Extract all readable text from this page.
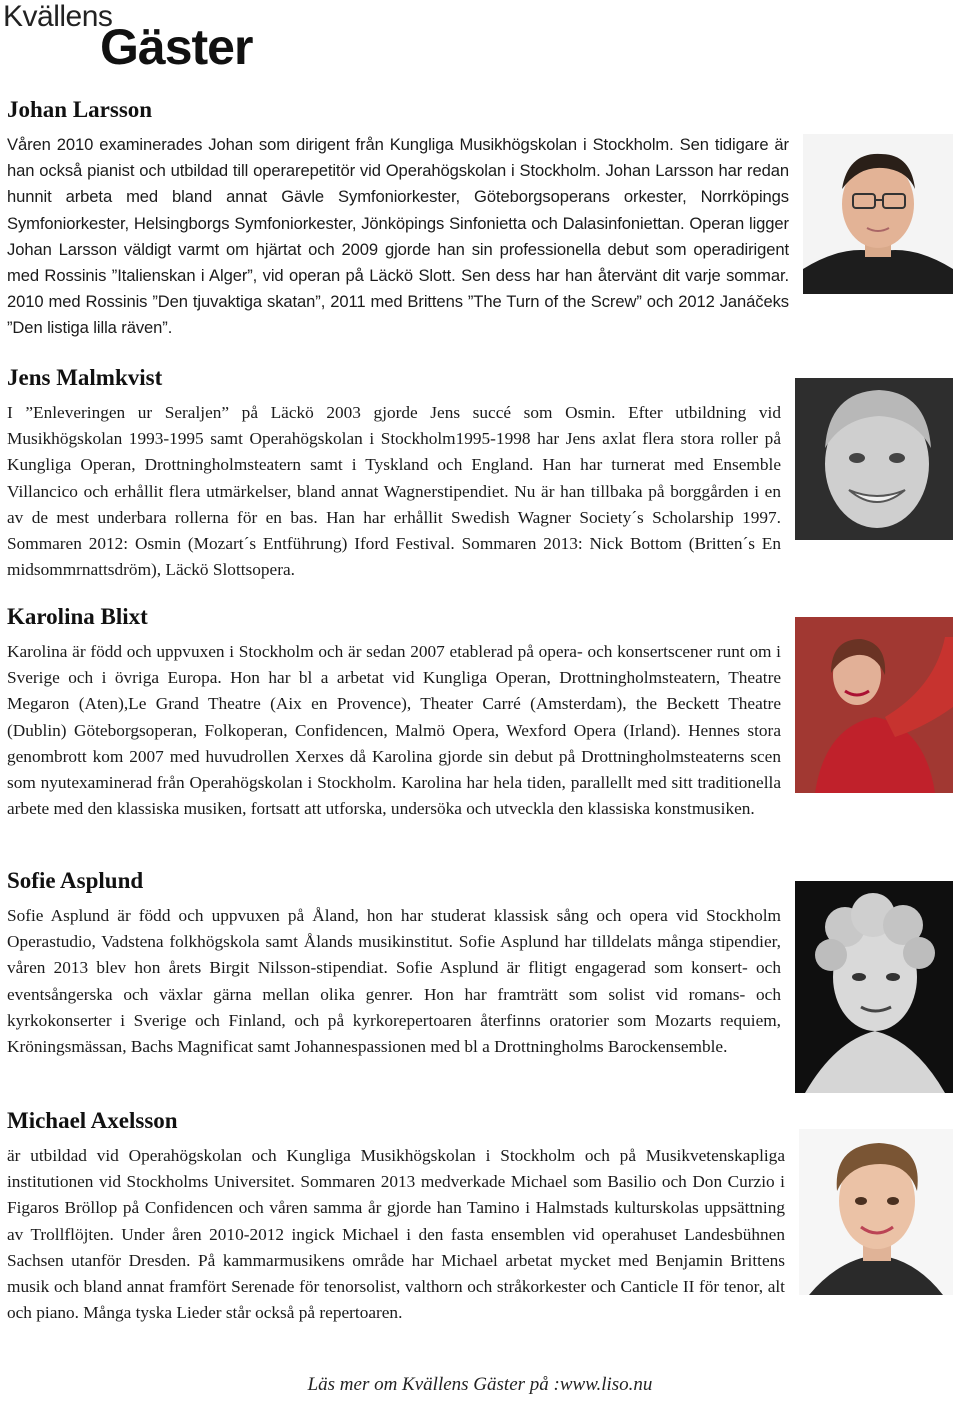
Kvällens
Gäster
Johan Larsson

Våren 2010 examinerades Johan som dirigent från Kungliga Musikhögskolan i Stockholm. Sen tidigare är han också pianist och utbildad till operarepetitör vid Operahögskolan i Stockholm. Johan Larsson har redan hunnit arbeta med bland annat Gävle Symfoniorkester, Göteborgsoperans orkester, Norrköpings Symfoniorkester, Helsingborgs Symfoniorkester, Jönköpings Sinfonietta och Dalasinfoniettan. Operan ligger Johan Larsson väldigt varmt om hjärtat och 2009 gjorde han sin professionella debut som operadirigent med Rossinis ”Italienskan i Alger”, vid operan på Läckö Slott. Sen dess har han återvänt dit varje sommar. 2010 med Rossinis ”Den tjuvaktiga skatan”, 2011 med Brittens ”The Turn of the Screw” och 2012 Janáčeks ”Den listiga lilla räven”.

Jens Malmkvist

I ”Enleveringen ur Seraljen” på Läckö 2003 gjorde Jens succé som Osmin. Efter utbildning vid Musikhögskolan 1993-1995 samt Operahögskolan i Stockholm1995-1998 har Jens axlat flera stora roller på Kungliga Operan, Drottningholmsteatern samt i Tyskland och England. Han har turnerat med Ensemble Villancico och erhållit flera utmärkelser, bland annat Wagnerstipendiet. Nu är han tillbaka på borggården i en av de mest underbara rollerna för en bas. Han har erhållit Swedish Wagner Society´s Scholarship 1997. Sommaren 2012: Osmin (Mozart´s Entführung) Iford Festival. Sommaren 2013: Nick Bottom (Britten´s En midsommrnattsdröm), Läckö Slottsopera.

Karolina Blixt

Karolina är född och uppvuxen i Stockholm och är sedan 2007 etablerad på opera- och konsertscener runt om i Sverige och i övriga Europa. Hon har bl a arbetat vid Kungliga Operan, Drottningholmsteatern, Theatre Megaron (Aten),Le Grand Theatre (Aix en Provence), Theater Carré (Amsterdam), the Beckett Theatre (Dublin) Göteborgsoperan, Folkoperan, Confidencen, Malmö Opera, Wexford Opera (Irland). Hennes stora genombrott kom 2007 med huvudrollen Xerxes då Karolina gjorde sin debut på Drottningholmsteaterns scen som nyutexaminerad från Operahögskolan i Stockholm. Karolina har hela tiden, parallellt med sitt traditionella arbete med den klassiska musiken, fortsatt att utforska, undersöka och utveckla den klassiska konstmusiken.

Sofie Asplund

Sofie Asplund är född och uppvuxen på Åland, hon har studerat klassisk sång och opera vid Stockholm Operastudio, Vadstena folkhögskola samt Ålands musikinstitut. Sofie Asplund har tilldelats många stipendier, våren 2013 blev hon årets Birgit Nilsson-stipendiat. Sofie Asplund är flitigt engagerad som konsert- och eventsångerska och växlar gärna mellan olika genrer. Hon har framträtt som solist vid romans- och kyrkokonserter i Sverige och Finland, och på kyrkorepertoaren återfinns oratorier som Mozarts requiem, Kröningsmässan, Bachs Magnificat samt Johannespassionen med bl a Drottningholms Barockensemble.

Michael Axelsson

är utbildad vid Operahögskolan och Kungliga Musikhögskolan i Stockholm och på Musikvetenskapliga institutionen vid Stockholms Universitet. Sommaren 2013 medverkade Michael som Basilio och Don Curzio i Figaros Bröllop på Confidencen och våren samma år gjorde han Tamino i Halmstads kulturskolas uppsättning av Trollflöjten. Under åren 2010-2012 ingick Michael i den fasta ensemblen vid operahuset Landesbühnen Sachsen utanför Dresden. På kammarmusikens område har Michael arbetat mycket med Benjamin Brittens musik och bland annat framfört Serenade för tenorsolist, valthorn och stråkorkester och Canticle II för tenor, alt och piano. Många tyska Lieder står också på repertoaren.

Läs mer om Kvällens Gäster på :www.liso.nu
